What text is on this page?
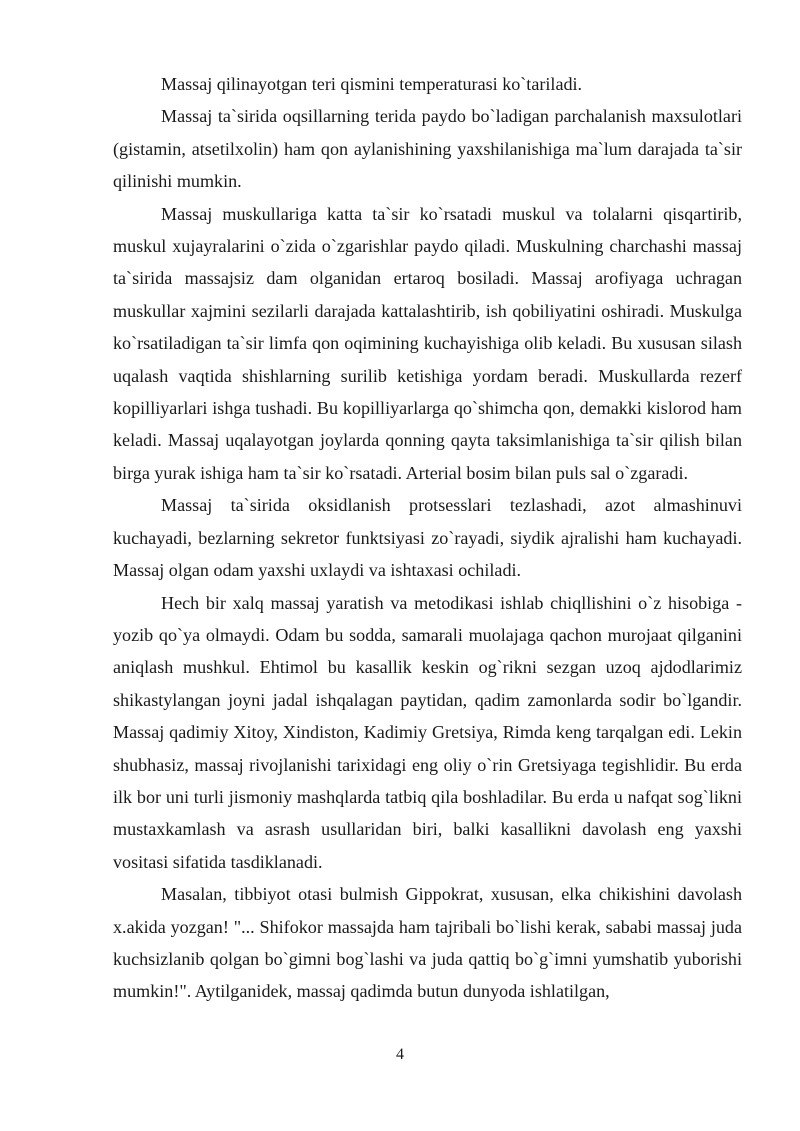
Massaj qilinayotgan teri qismini temperaturasi ko`tariladi.

Massaj ta`sirida oqsillarning terida paydo bo`ladigan parchalanish maxsulotlari (gistamin, atsetilxolin) ham qon aylanishining yaxshilanishiga ma`lum darajada ta`sir qilinishi mumkin.

Massaj muskullariga katta ta`sir ko`rsatadi muskul va tolalarni qisqartirib, muskul xujayralarini o`zida o`zgarishlar paydo qiladi. Muskulning charchashi massaj ta`sirida massajsiz dam olganidan ertaroq bosiladi. Massaj arofiyaga uchragan muskullar xajmini sezilarli darajada kattalashtirib, ish qobiliyatini oshiradi. Muskulga ko`rsatiladigan ta`sir limfa qon oqimining kuchayishiga olib keladi. Bu xususan silash uqalash vaqtida shishlarning surilib ketishiga yordam beradi. Muskullarda rezerf kopilliyarlari ishga tushadi. Bu kopilliyarlarga qo`shimcha qon, demakki kislorod ham keladi. Massaj uqalayotgan joylarda qonning qayta taksimlanishiga ta`sir qilish bilan birga yurak ishiga ham ta`sir ko`rsatadi. Arterial bosim bilan puls sal o`zgaradi.

Massaj ta`sirida oksidlanish protsesslari tezlashadi, azot almashinuvi kuchayadi, bezlarning sekretor funktsiyasi zo`rayadi, siydik ajralishi ham kuchayadi. Massaj olgan odam yaxshi uxlaydi va ishtaxasi ochiladi.

Hech bir xalq massaj yaratish va metodikasi ishlab chiqllishini o`z hisobiga -yozib qo`ya olmaydi. Odam bu sodda, samarali muolajaga qachon murojaat qilganini aniqlash mushkul. Ehtimol bu kasallik keskin og`rikni sezgan uzoq ajdodlarimiz shikastylangan joyni jadal ishqalagan paytidan, qadim zamonlarda sodir bo`lgandir. Massaj qadimiy Xitoy, Xindiston, Kadimiy Gretsiya, Rimda keng tarqalgan edi. Lekin shubhasiz, massaj rivojlanishi tarixidagi eng oliy o`rin Gretsiyaga tegishlidir. Bu erda ilk bor uni turli jismoniy mashqlarda tatbiq qila boshladilar. Bu erda u nafqat sog`likni mustaxkamlash va asrash usullaridan biri, balki kasallikni davolash eng yaxshi vositasi sifatida tasdiklanadi.

Masalan, tibbiyot otasi bulmish Gippokrat, xususan, elka chikishini davolash x.akida yozgan! "... Shifokor massajda ham tajribali bo`lishi kerak, sababi massaj juda kuchsizlanib qolgan bo`gimni bog`lashi va juda qattiq bo`g`imni yumshatib yuborishi mumkin!". Aytilganidek, massaj qadimda butun dunyoda ishlatilgan,

4
